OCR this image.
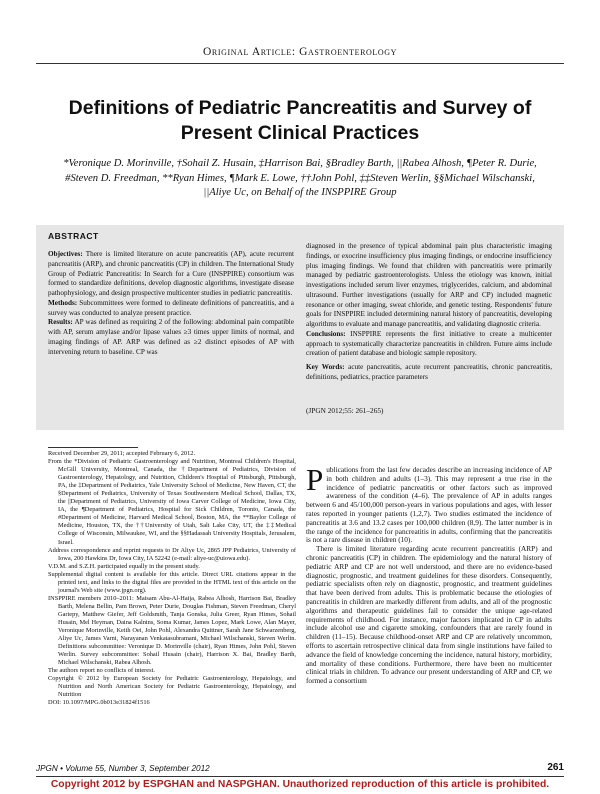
Original Article: Gastroenterology
Definitions of Pediatric Pancreatitis and Survey of Present Clinical Practices
*Veronique D. Morinville, †Sohail Z. Husain, ‡Harrison Bai, §Bradley Barth, ||Rabea Alhosh, ¶Peter R. Durie, #Steven D. Freedman, **Ryan Himes, ¶Mark E. Lowe, ††John Pohl, ‡‡Steven Werlin, §§Michael Wilschanski, ||Aliye Uc, on Behalf of the INSPPIRE Group
ABSTRACT
Objectives: There is limited literature on acute pancreatitis (AP), acute recurrent pancreatitis (ARP), and chronic pancreatitis (CP) in children. The International Study Group of Pediatric Pancreatitis: In Search for a Cure (INSPPIRE) consortium was formed to standardize definitions, develop diagnostic algorithms, investigate disease pathophysiology, and design prospective multicenter studies in pediatric pancreatitis.
Methods: Subcommittees were formed to delineate definitions of pancreatitis, and a survey was conducted to analyze present practice.
Results: AP was defined as requiring 2 of the following: abdominal pain compatible with AP, serum amylase and/or lipase values ≥3 times upper limits of normal, and imaging findings of AP. ARP was defined as ≥2 distinct episodes of AP with intervening return to baseline. CP was
diagnosed in the presence of typical abdominal pain plus characteristic imaging findings, or exocrine insufficiency plus imaging findings, or endocrine insufficiency plus imaging findings. We found that children with pancreatitis were primarily managed by pediatric gastroenterologists. Unless the etiology was known, initial investigations included serum liver enzymes, triglycerides, calcium, and abdominal ultrasound. Further investigations (usually for ARP and CP) included magnetic resonance or other imaging, sweat chloride, and genetic testing. Respondents' future goals for INSPPIRE included determining natural history of pancreatitis, developing algorithms to evaluate and manage pancreatitis, and validating diagnostic criteria.
Conclusions: INSPPIRE represents the first initiative to create a multicenter approach to systematically characterize pancreatitis in children. Future aims include creation of patient database and biologic sample repository.
Key Words: acute pancreatitis, acute recurrent pancreatitis, chronic pancreatitis, definitions, pediatrics, practice parameters
(JPGN 2012;55: 261–265)
Received December 29, 2011; accepted February 6, 2012.
From the *Division of Pediatric Gastroenterology and Nutrition, Montreal Children's Hospital, McGill University, Montreal, Canada, the †Department of Pediatrics, Division of Gastroenterology, Hepatology, and Nutrition, Children's Hospital of Pittsburgh, Pittsburgh, PA, the ‡Department of Pediatrics, Yale University School of Medicine, New Haven, CT, the §Department of Pediatrics, University of Texas Southwestern Medical School, Dallas, TX, the ||Department of Pediatrics, University of Iowa Carver College of Medicine, Iowa City, IA, the ¶Department of Pediatrics, Hospital for Sick Children, Toronto, Canada, the #Department of Medicine, Harvard Medical School, Boston, MA, the **Baylor College of Medicine, Houston, TX, the ††University of Utah, Salt Lake City, UT, the ‡‡Medical College of Wisconsin, Milwaukee, WI, and the §§Hadassah University Hospitals, Jerusalem, Israel.
Address correspondence and reprint requests to Dr Aliye Uc, 2865 JPP Pediatrics, University of Iowa, 200 Hawkins Dr, Iowa City, IA 52242 (e-mail: aliye-uc@uiowa.edu).
V.D.M. and S.Z.H. participated equally in the present study.
Supplemental digital content is available for this article. Direct URL citations appear in the printed text, and links to the digital files are provided in the HTML text of this article on the journal's Web site (www.jpgn.org).
INSPPIRE members 2010–2011: Maisam Abu-Al-Haija, Rabea Alhosh, Harrison Bai, Bradley Barth, Melena Bellin, Pam Brown, Peter Durie, Douglas Fishman, Steven Freedman, Cheryl Gariepy, Matthew Giefer, Jeff Goldsmith, Tanja Gonska, Julia Greer, Ryan Himes, Sohail Husain, Mel Heyman, Daina Kalnins, Soma Kumar, James Lopez, Mark Lowe, Alan Mayer, Veronique Morinville, Keith Oei, John Pohl, Alexandra Quittner, Sarah Jane Schwarzenberg, Aliye Uc, James Varni, Narayanan Venkatasubramani, Michael Wilschanski, Steven Werlin. Definitions subcommittee: Veronique D. Morinville (chair), Ryan Himes, John Pohl, Steven Werlin. Survey subcommittee: Sohail Husain (chair), Harrison X. Bai, Bradley Barth, Michael Wilschanski, Rabea Alhosh.
The authors report no conflicts of interest.
Copyright © 2012 by European Society for Pediatric Gastroenterology, Hepatology, and Nutrition and North American Society for Pediatric Gastroenterology, Hepatology, and Nutrition
DOI: 10.1097/MPG.0b013e31824f1516
Publications from the last few decades describe an increasing incidence of AP in both children and adults (1–3). This may represent a true rise in the incidence of pediatric pancreatitis or other factors such as improved awareness of the condition (4–6). The prevalence of AP in adults ranges between 6 and 45/100,000 person-years in various populations and ages, with lesser rates reported in younger patients (1,2,7). Two studies estimated the incidence of pancreatitis at 3.6 and 13.2 cases per 100,000 children (8,9). The latter number is in the range of the incidence for pancreatitis in adults, confirming that the pancreatitis is not a rare disease in children (10).
There is limited literature regarding acute recurrent pancreatitis (ARP) and chronic pancreatitis (CP) in children. The epidemiology and the natural history of pediatric ARP and CP are not well understood, and there are no evidence-based diagnostic, prognostic, and treatment guidelines for these disorders. Consequently, pediatric specialists often rely on diagnostic, prognostic, and treatment guidelines that have been derived from adults. This is problematic because the etiologies of pancreatitis in children are markedly different from adults, and all of the prognostic algorithms and therapeutic guidelines fail to consider the unique age-related requirements of childhood. For instance, major factors implicated in CP in adults include alcohol use and cigarette smoking, confounders that are rarely found in children (11–15). Because childhood-onset ARP and CP are relatively uncommon, efforts to ascertain retrospective clinical data from single institutions have failed to advance the field of knowledge concerning the incidence, natural history, morbidity, and mortality of these conditions. Furthermore, there have been no multicenter clinical trials in children. To advance our present understanding of ARP and CP, we formed a consortium
JPGN • Volume 55, Number 3, September 2012	261
Copyright 2012 by ESPGHAN and NASPGHAN. Unauthorized reproduction of this article is prohibited.
